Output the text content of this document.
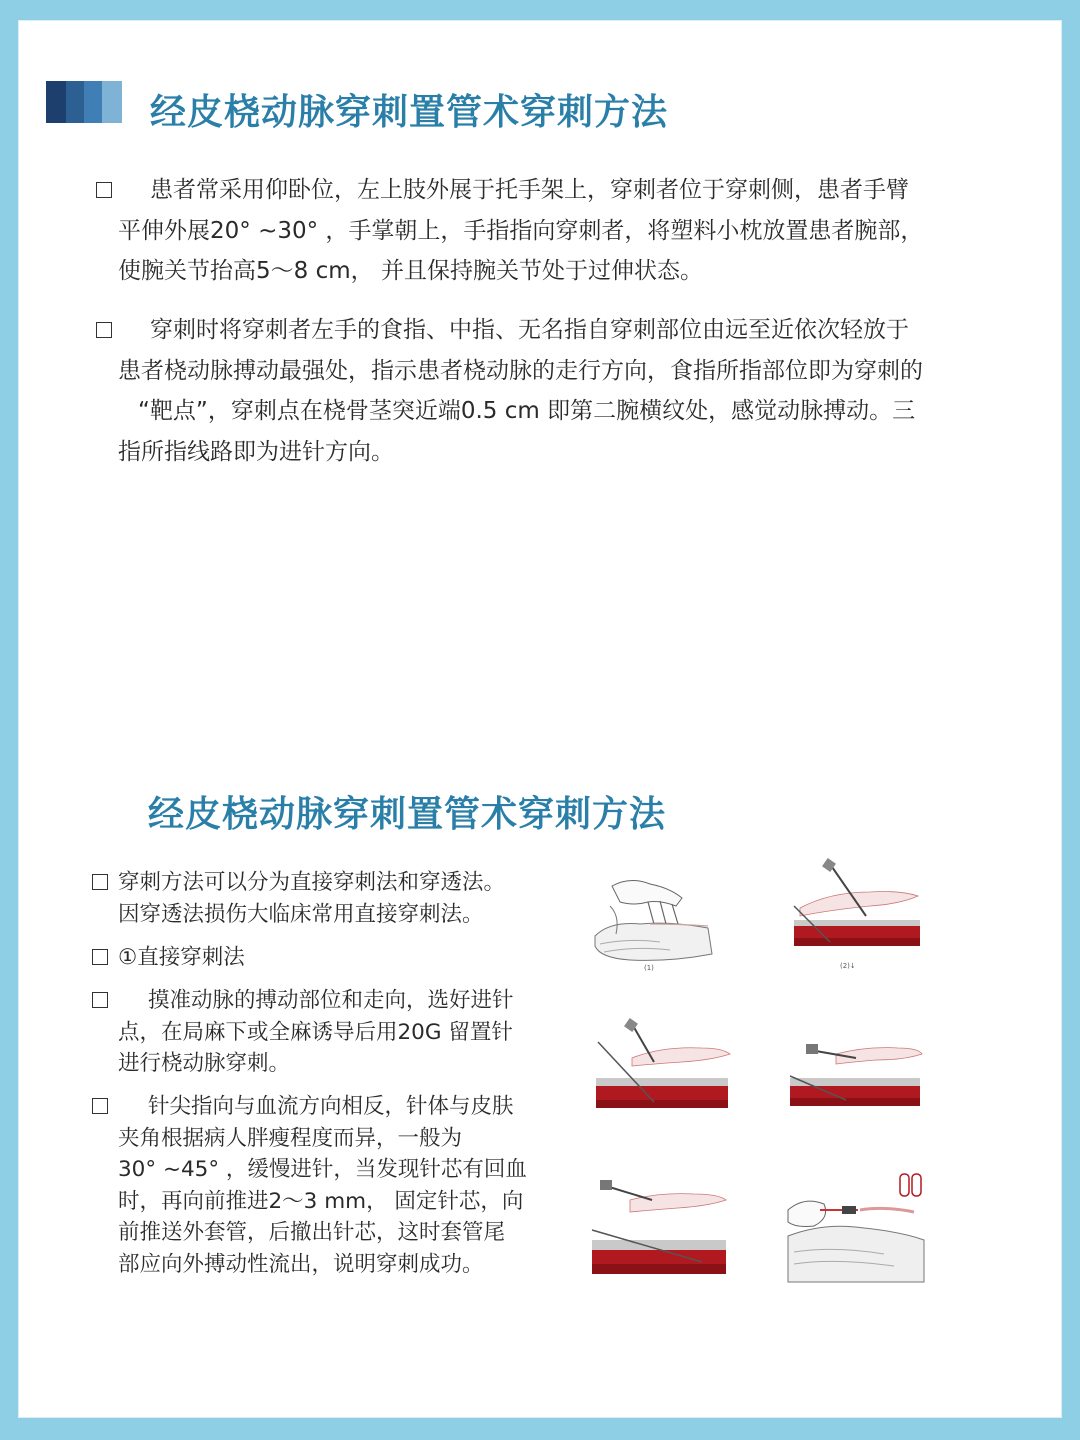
经皮桡动脉穿刺置管术穿刺方法
患者常采用仰卧位，左上肢外展于托手架上，穿刺者位于穿刺侧，患者手臂
平伸外展20° ~30° ，手掌朝上，手指指向穿刺者，将塑料小枕放置患者腕部，
使腕关节抬高5～8 cm， 并且保持腕关节处于过伸状态。
穿刺时将穿刺者左手的食指、中指、无名指自穿刺部位由远至近依次轻放于
患者桡动脉搏动最强处，指示患者桡动脉的走行方向，食指所指部位即为穿刺的
“靶点”，穿刺点在桡骨茎突近端0.5 cm 即第二腕横纹处，感觉动脉搏动。三
指所指线路即为进针方向。
经皮桡动脉穿刺置管术穿刺方法
穿刺方法可以分为直接穿刺法和穿透法。
因穿透法损伤大临床常用直接穿刺法。
①直接穿刺法
摸准动脉的搏动部位和走向，选好进针
点，在局麻下或全麻诱导后用20G 留置针
进行桡动脉穿刺。
针尖指向与血流方向相反，针体与皮肤
夹角根据病人胖瘦程度而异，一般为
30° ~45° ，缓慢进针，当发现针芯有回血
时，再向前推进2～3 mm， 固定针芯，向
前推送外套管，后撤出针芯，这时套管尾
部应向外搏动性流出，说明穿刺成功。
(1)	(2)↓
